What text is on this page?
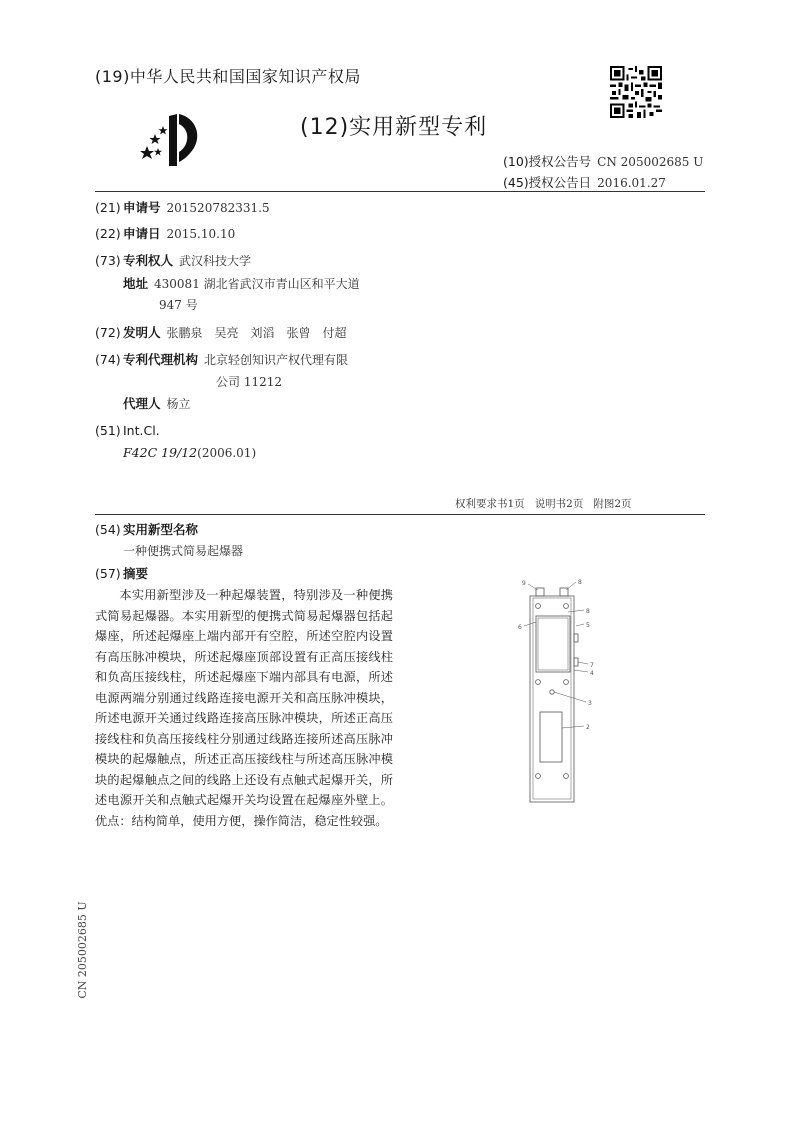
(19)中华人民共和国国家知识产权局
(12)实用新型专利
(10)授权公告号 CN 205002685 U
(45)授权公告日 2016.01.27
(21) 申请号 201520782331.5
(22) 申请日 2015.10.10
(73) 专利权人 武汉科技大学
地址 430081 湖北省武汉市青山区和平大道
947 号
(72) 发明人 张鹏泉　吴亮　刘滔　张曾　付超
(74) 专利代理机构 北京轻创知识产权代理有限
公司 11212
代理人 杨立
(51) Int.Cl.
F42C 19/12(2006.01)
权利要求书1页 说明书2页 附图2页
(54) 实用新型名称
一种便携式简易起爆器
(57) 摘要
本实用新型涉及一种起爆装置，特别涉及一种便携式简易起爆器。本实用新型的便携式简易起爆器包括起爆座，所述起爆座上端内部开有空腔，所述空腔内设置有高压脉冲模块，所述起爆座顶部设置有正高压接线柱和负高压接线柱，所述起爆座下端内部具有电源，所述电源两端分别通过线路连接电源开关和高压脉冲模块，所述电源开关通过线路连接高压脉冲模块，所述正高压接线柱和负高压接线柱分别通过线路连接所述高压脉冲模块的起爆触点，所述正高压接线柱与所述高压脉冲模块的起爆触点之间的线路上还设有点触式起爆开关，所述电源开关和点触式起爆开关均设置在起爆座外壁上。优点：结构简单，使用方便，操作简洁，稳定性较强。
9	8
8
6	5
7
4
3
2
CN 205002685 U
